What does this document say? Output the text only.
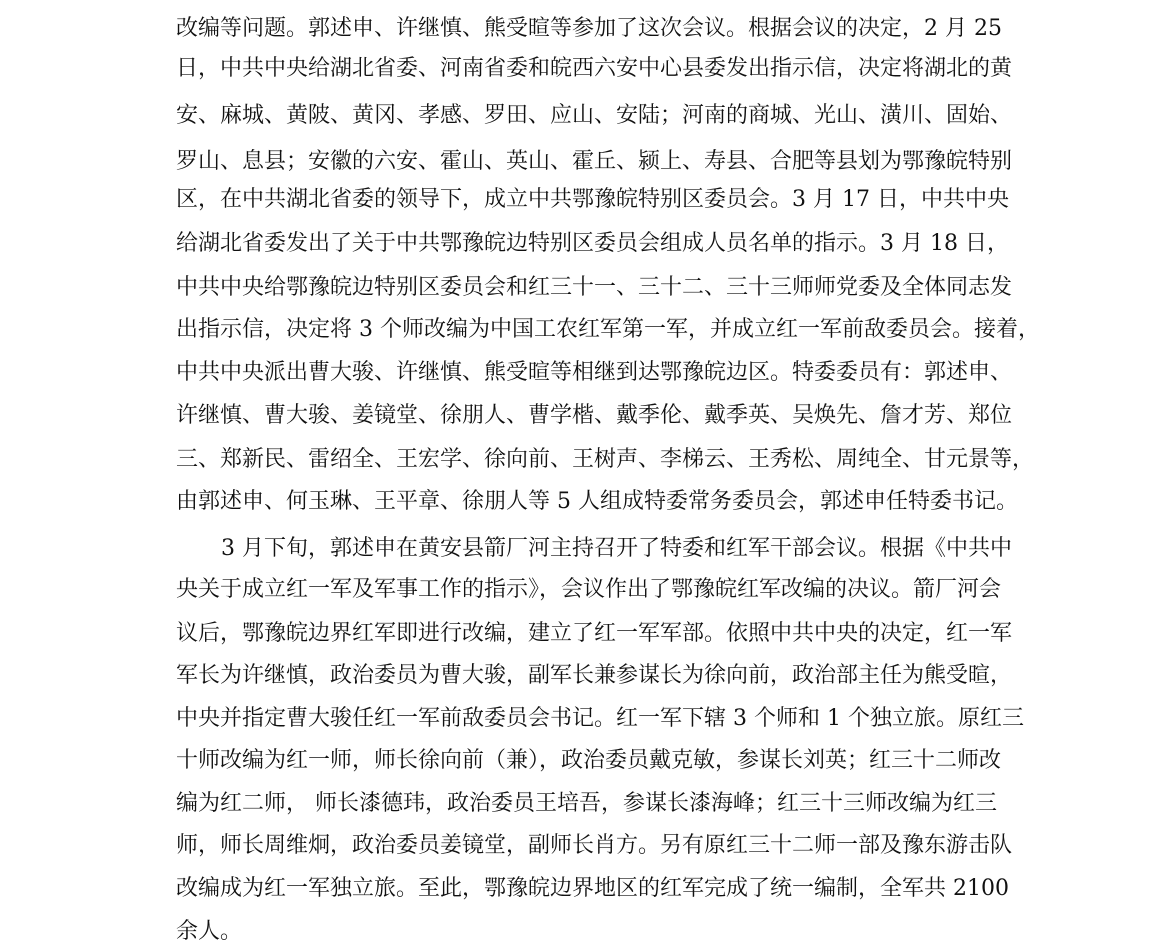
改编等问题。郭述申、许继慎、熊受暄等参加了这次会议。根据会议的决定，2 月 25
日，中共中央给湖北省委、河南省委和皖西六安中心县委发出指示信，决定将湖北的黄
安、麻城、黄陂、黄冈、孝感、罗田、应山、安陆；河南的商城、光山、潢川、固始、
罗山、息县；安徽的六安、霍山、英山、霍丘、颍上、寿县、合肥等县划为鄂豫皖特别
区，在中共湖北省委的领导下，成立中共鄂豫皖特别区委员会。3 月 17 日，中共中央
给湖北省委发出了关于中共鄂豫皖边特别区委员会组成人员名单的指示。3 月 18 日，
中共中央给鄂豫皖边特别区委员会和红三十一、三十二、三十三师师党委及全体同志发
出指示信，决定将 3 个师改编为中国工农红军第一军，并成立红一军前敌委员会。接着，
中共中央派出曹大骏、许继慎、熊受暄等相继到达鄂豫皖边区。特委委员有：郭述申、
许继慎、曹大骏、姜镜堂、徐朋人、曹学楷、戴季伦、戴季英、吴焕先、詹才芳、郑位
三、郑新民、雷绍全、王宏学、徐向前、王树声、李梯云、王秀松、周纯全、甘元景等，
由郭述申、何玉琳、王平章、徐朋人等 5 人组成特委常务委员会，郭述申任特委书记。
3 月下旬，郭述申在黄安县箭厂河主持召开了特委和红军干部会议。根据《中共中
央关于成立红一军及军事工作的指示》，会议作出了鄂豫皖红军改编的决议。箭厂河会
议后，鄂豫皖边界红军即进行改编，建立了红一军军部。依照中共中央的决定，红一军
军长为许继慎，政治委员为曹大骏，副军长兼参谋长为徐向前，政治部主任为熊受暄，
中央并指定曹大骏任红一军前敌委员会书记。红一军下辖 3 个师和 1 个独立旅。原红三
十师改编为红一师，师长徐向前（兼），政治委员戴克敏，参谋长刘英；红三十二师改
编为红二师， 师长漆德玮，政治委员王培吾，参谋长漆海峰；红三十三师改编为红三
师，师长周维炯，政治委员姜镜堂，副师长肖方。另有原红三十二师一部及豫东游击队
改编成为红一军独立旅。至此，鄂豫皖边界地区的红军完成了统一编制，全军共 2100
余人。
